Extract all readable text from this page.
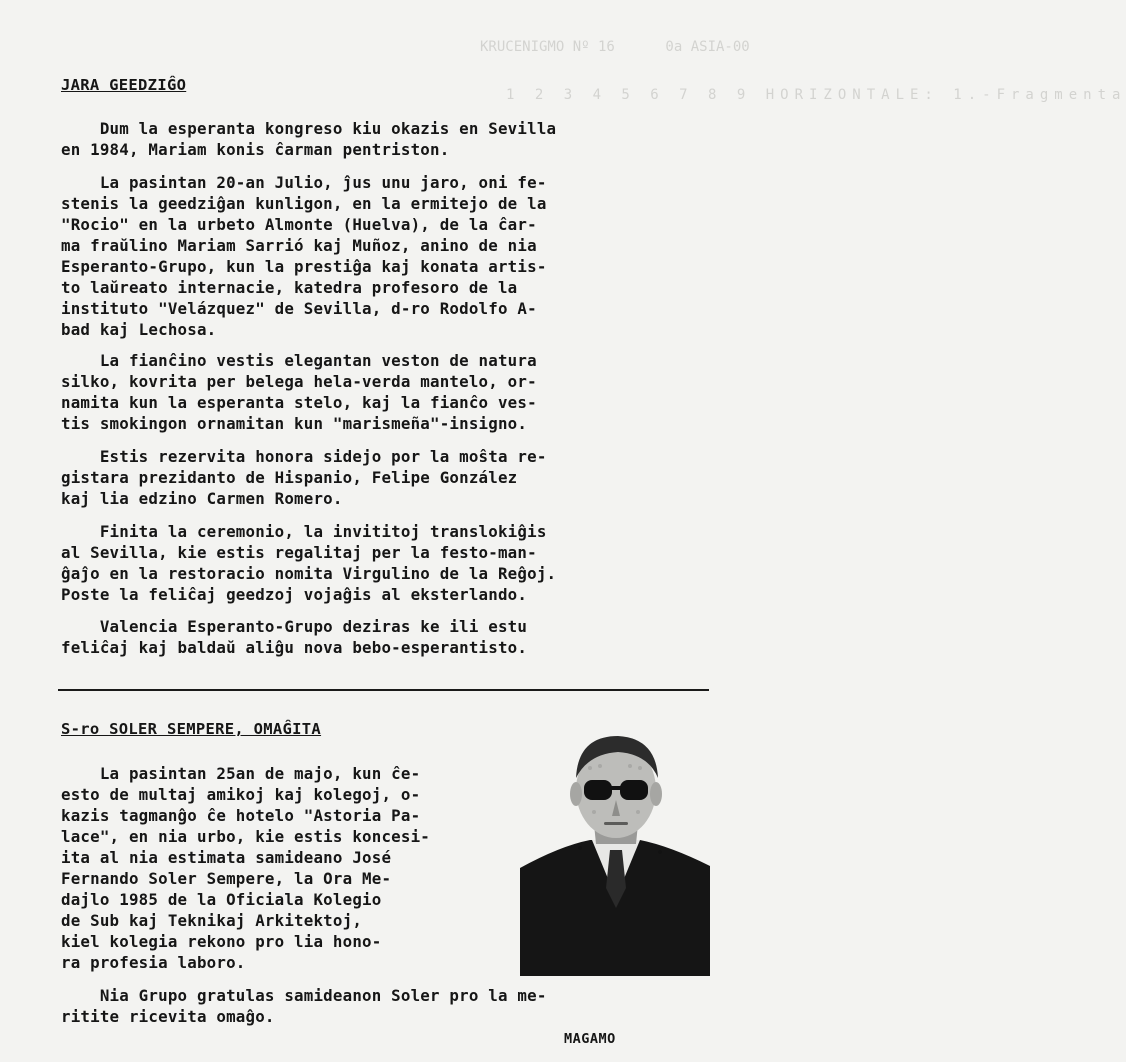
KRUCENIGMO Nº 16      0a ASIA-00
1 2 3 4 5 6 7 8 9 HORIZONTALE: 1.-Fragmenta
JARA GEEDZIĜO

Dum la esperanta kongreso kiu okazis en Sevilla
en 1984, Mariam konis ĉarman pentriston.

La pasintan 20-an Julio, ĵus unu jaro, oni fe-
stenis la geedziĝan kunligon, en la ermitejo de la
"Rocio" en la urbeto Almonte (Huelva), de la ĉar-
ma fraŭlino Mariam Sarrió kaj Muñoz, anino de nia
Esperanto-Grupo, kun la prestiĝa kaj konata artis-
to laŭreato internacie, katedra profesoro de la
instituto "Velázquez" de Sevilla, d-ro Rodolfo A-
bad kaj Lechosa.

La fianĉino vestis elegantan veston de natura
silko, kovrita per belega hela-verda mantelo, or-
namita kun la esperanta stelo, kaj la fianĉo ves-
tis smokingon ornamitan kun "marismeña"-insigno.

Estis rezervita honora sidejo por la moŝta re-
gistara prezidanto de Hispanio, Felipe González
kaj lia edzino Carmen Romero.

Finita la ceremonio, la invititoj translokiĝis
al Sevilla, kie estis regalitaj per la festo-man-
ĝaĵo en la restoracio nomita Virgulino de la Reĝoj.
Poste la feliĉaj geedzoj vojaĝis al eksterlando.

Valencia Esperanto-Grupo deziras ke ili estu
feliĉaj kaj baldaŭ aliĝu nova bebo-esperantisto.

S-ro SOLER SEMPERE, OMAĜITA

La pasintan 25an de majo, kun ĉe-
esto de multaj amikoj kaj kolegoj, o-
kazis tagmanĝo ĉe hotelo "Astoria Pa-
lace", en nia urbo, kie estis koncesi-
ita al nia estimata samideano José
Fernando Soler Sempere, la Ora Me-
dajlo 1985 de la Oficiala Kolegio
de Sub kaj Teknikaj Arkitektoj,
kiel kolegia rekono pro lia hono-
ra profesia laboro.

Nia Grupo gratulas samideanon Soler pro la me-
ritite ricevita omaĝo.

MAGAMO
